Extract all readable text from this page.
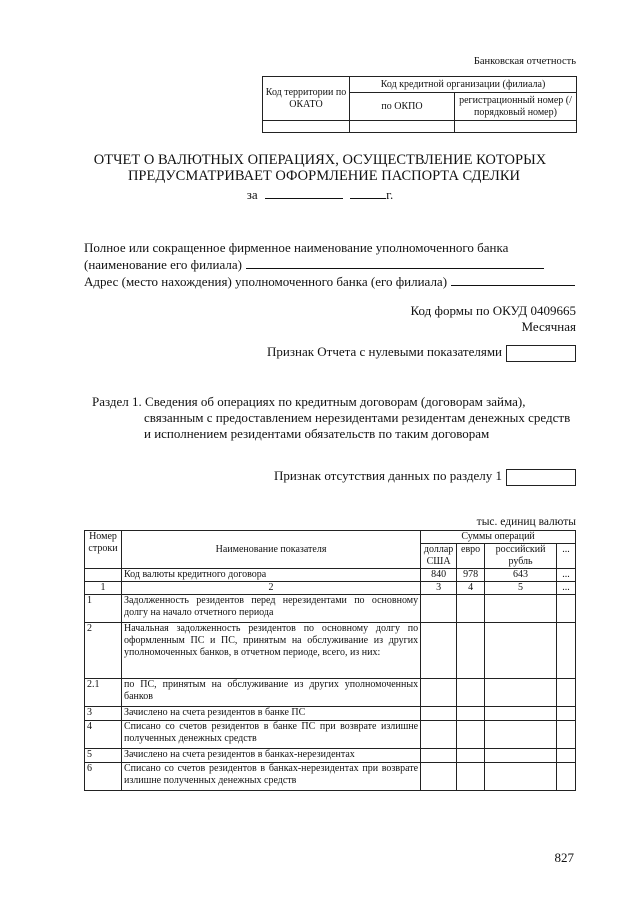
Банковская отчетность
Код территории по ОКАТО	Код кредитной организации (филиала)	
	по ОКПО	регистрационный номер (/порядковый номер)

ОТЧЕТ О ВАЛЮТНЫХ ОПЕРАЦИЯХ, ОСУЩЕСТВЛЕНИЕ КОТОРЫХ
ПРЕДУСМАТРИВАЕТ ОФОРМЛЕНИЕ ПАСПОРТА СДЕЛКИ
за	г.
Полное или сокращенное фирменное наименование уполномоченного банка
(наименование его филиала)
Адрес (место нахождения) уполномоченного банка (его филиала)
Код формы по ОКУД 0409665
Месячная
Признак Отчета с нулевыми показателями
Раздел 1. Сведения об операциях по кредитным договорам (договорам займа),
связанным с предоставлением нерезидентами резидентам денежных средств
и исполнением резидентами обязательств по таким договорам
Признак отсутствия данных по разделу 1
тыс. единиц валюты
Номер строки	Наименование показателя	Суммы операций			
		доллар США	евро	российский рубль	...
	Код валюты кредитного договора	840	978	643	...
1	2	3	4	5	...
1	Задолженность резидентов перед нерезидентами по основному долгу на начало отчетного периода				
2	Начальная задолженность резидентов по основному долгу по оформленным ПС и ПС, принятым на обслуживание из других уполномоченных банков, в отчетном периоде, всего, из них:				
2.1	по ПС, принятым на обслуживание из других уполномоченных банков				
3	Зачислено на счета резидентов в банке ПС				
4	Списано со счетов резидентов в банке ПС при возврате излишне полученных денежных средств				
5	Зачислено на счета резидентов в банках-нерезидентах				
6	Списано со счетов резидентов в банках-нерезидентах при возврате излишне полученных денежных средств				
827
